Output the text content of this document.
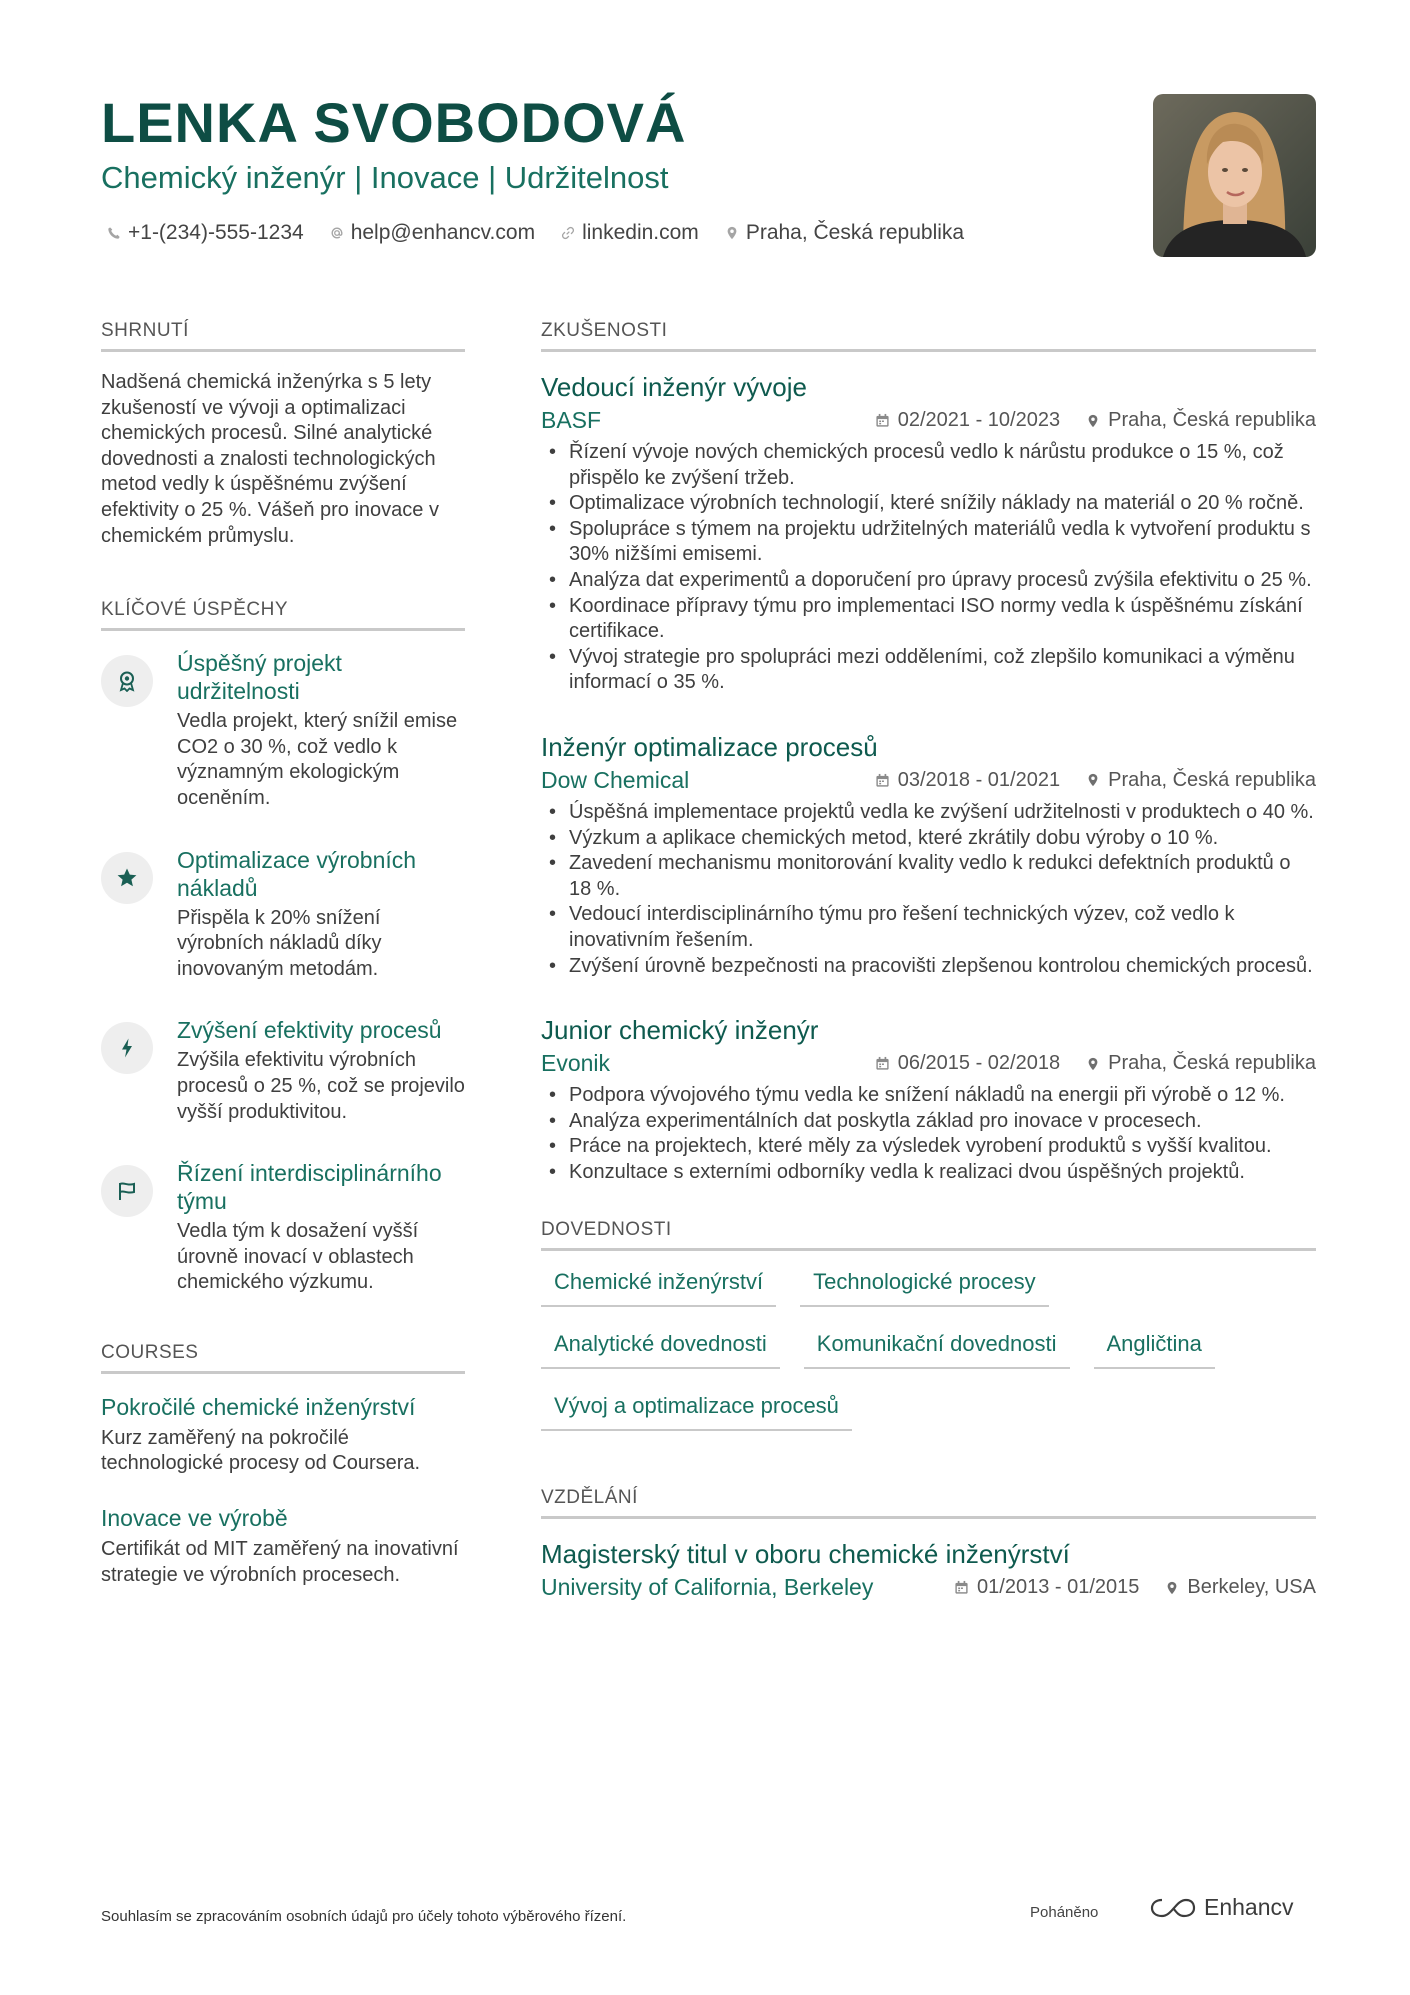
LENKA SVOBODOVÁ
Chemický inženýr | Inovace | Udržitelnost
+1-(234)-555-1234 help@enhancv.com linkedin.com Praha, Česká republika
SHRNUTÍ

Nadšená chemická inženýrka s 5 lety zkušeností ve vývoji a optimalizaci chemických procesů. Silné analytické dovednosti a znalosti technologických metod vedly k úspěšnému zvýšení efektivity o 25 %. Vášeň pro inovace v chemickém průmyslu.

KLÍČOVÉ ÚSPĚCHY
Úspěšný projekt udržitelnosti
Vedla projekt, který snížil emise CO2 o 30 %, což vedlo k významným ekologickým oceněním.
Optimalizace výrobních nákladů
Přispěla k 20% snížení výrobních nákladů díky inovovaným metodám.
Zvýšení efektivity procesů
Zvýšila efektivitu výrobních procesů o 25 %, což se projevilo vyšší produktivitou.
Řízení interdisciplinárního týmu
Vedla tým k dosažení vyšší úrovně inovací v oblastech chemického výzkumu.
COURSES
Pokročilé chemické inženýrství
Kurz zaměřený na pokročilé technologické procesy od Coursera.
Inovace ve výrobě
Certifikát od MIT zaměřený na inovativní strategie ve výrobních procesech.
ZKUŠENOSTI
Vedoucí inženýr vývoje
BASF	02/2021 - 10/2023 Praha, Česká republika
• Řízení vývoje nových chemických procesů vedlo k nárůstu produkce o 15 %, což přispělo ke zvýšení tržeb.
• Optimalizace výrobních technologií, které snížily náklady na materiál o 20 % ročně.
• Spolupráce s týmem na projektu udržitelných materiálů vedla k vytvoření produktu s 30% nižšími emisemi.
• Analýza dat experimentů a doporučení pro úpravy procesů zvýšila efektivitu o 25 %.
• Koordinace přípravy týmu pro implementaci ISO normy vedla k úspěšnému získání certifikace.
• Vývoj strategie pro spolupráci mezi odděleními, což zlepšilo komunikaci a výměnu informací o 35 %.
Inženýr optimalizace procesů
Dow Chemical	03/2018 - 01/2021 Praha, Česká republika
• Úspěšná implementace projektů vedla ke zvýšení udržitelnosti v produktech o 40 %.
• Výzkum a aplikace chemických metod, které zkrátily dobu výroby o 10 %.
• Zavedení mechanismu monitorování kvality vedlo k redukci defektních produktů o 18 %.
• Vedoucí interdisciplinárního týmu pro řešení technických výzev, což vedlo k inovativním řešením.
• Zvýšení úrovně bezpečnosti na pracovišti zlepšenou kontrolou chemických procesů.
Junior chemický inženýr
Evonik	06/2015 - 02/2018 Praha, Česká republika
• Podpora vývojového týmu vedla ke snížení nákladů na energii při výrobě o 12 %.
• Analýza experimentálních dat poskytla základ pro inovace v procesech.
• Práce na projektech, které měly za výsledek vyrobení produktů s vyšší kvalitou.
• Konzultace s externími odborníky vedla k realizaci dvou úspěšných projektů.
DOVEDNOSTI
Chemické inženýrství	Technologické procesy
Analytické dovednosti	Komunikační dovednosti	Angličtina
Vývoj a optimalizace procesů
VZDĚLÁNÍ
Magisterský titul v oboru chemické inženýrství
University of California, Berkeley	01/2013 - 01/2015 Berkeley, USA
Souhlasím se zpracováním osobních údajů pro účely tohoto výběrového řízení.	Poháněno	Enhancv
